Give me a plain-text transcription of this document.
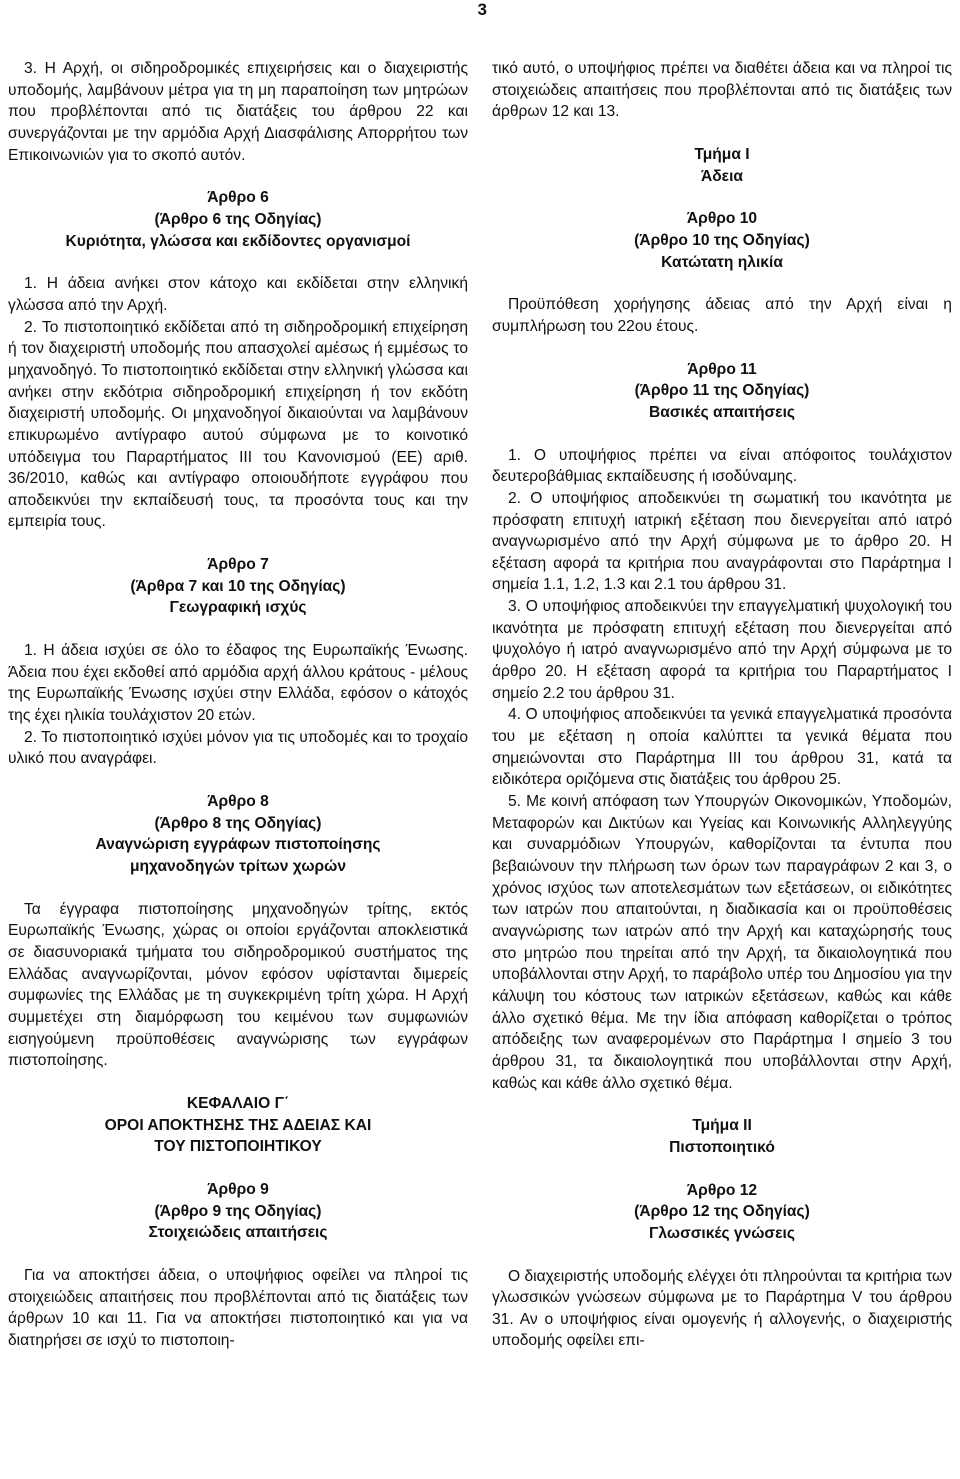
3

3. Η Αρχή, οι σιδηροδρομικές επιχειρήσεις και ο διαχειριστής υποδομής, λαμβάνουν μέτρα για τη μη παραποίηση των μητρώων που προβλέπονται από τις διατάξεις του άρθρου 22 και συνεργάζονται με την αρμόδια Αρχή Διασφάλισης Απορρήτου των Επικοινωνιών για το σκοπό αυτόν.

Άρθρο 6
(Άρθρο 6 της Οδηγίας)
Κυριότητα, γλώσσα και εκδίδοντες οργανισμοί

1. Η άδεια ανήκει στον κάτοχο και εκδίδεται στην ελληνική γλώσσα από την Αρχή.

2. Το πιστοποιητικό εκδίδεται από τη σιδηροδρομική επιχείρηση ή τον διαχειριστή υποδομής που απασχολεί αμέσως ή εμμέσως το μηχανοδηγό. Το πιστοποιητικό εκδίδεται στην ελληνική γλώσσα και ανήκει στην εκδότρια σιδηροδρομική επιχείρηση ή τον εκδότη διαχειριστή υποδομής. Οι μηχανοδηγοί δικαιούνται να λαμβάνουν επικυρωμένο αντίγραφο αυτού σύμφωνα με το κοινοτικό υπόδειγμα του Παραρτήματος ΙΙΙ του Κανονισμού (ΕΕ) αριθ. 36/2010, καθώς και αντίγραφο οποιουδήποτε εγγράφου που αποδεικνύει την εκπαίδευσή τους, τα προσόντα τους και την εμπειρία τους.

Άρθρο 7
(Άρθρα 7 και 10 της Οδηγίας)
Γεωγραφική ισχύς

1. Η άδεια ισχύει σε όλο το έδαφος της Ευρωπαϊκής Ένωσης. Άδεια που έχει εκδοθεί από αρμόδια αρχή άλλου κράτους - μέλους της Ευρωπαϊκής Ένωσης ισχύει στην Ελλάδα, εφόσον ο κάτοχός της έχει ηλικία τουλάχιστον 20 ετών.

2. Το πιστοποιητικό ισχύει μόνον για τις υποδομές και το τροχαίο υλικό που αναγράφει.

Άρθρο 8
(Άρθρο 8 της Οδηγίας)
Αναγνώριση εγγράφων πιστοποίησης
μηχανοδηγών τρίτων χωρών

Τα έγγραφα πιστοποίησης μηχανοδηγών τρίτης, εκτός Ευρωπαϊκής Ένωσης, χώρας οι οποίοι εργάζονται αποκλειστικά σε διασυνοριακά τμήματα του σιδηροδρομικού συστήματος της Ελλάδας αναγνωρίζονται, μόνον εφόσον υφίστανται διμερείς συμφωνίες της Ελλάδας με τη συγκεκριμένη τρίτη χώρα. Η Αρχή συμμετέχει στη διαμόρφωση του κειμένου των συμφωνιών εισηγούμενη προϋποθέσεις αναγνώρισης των εγγράφων πιστοποίησης.

ΚΕΦΑΛΑΙΟ Γ΄
ΟΡΟΙ ΑΠΟΚΤΗΣΗΣ ΤΗΣ ΑΔΕΙΑΣ ΚΑΙ
ΤΟΥ ΠΙΣΤΟΠΟΙΗΤΙΚΟΥ
Άρθρο 9
(Άρθρο 9 της Οδηγίας)
Στοιχειώδεις απαιτήσεις

Για να αποκτήσει άδεια, ο υποψήφιος οφείλει να πληροί τις στοιχειώδεις απαιτήσεις που προβλέπονται από τις διατάξεις των άρθρων 10 και 11. Για να αποκτήσει πιστοποιητικό και για να διατηρήσει σε ισχύ το πιστοποιη-

τικό αυτό, ο υποψήφιος πρέπει να διαθέτει άδεια και να πληροί τις στοιχειώδεις απαιτήσεις που προβλέπονται από τις διατάξεις των άρθρων 12 και 13.

Τμήμα Ι
Άδεια
Άρθρο 10
(Άρθρο 10 της Οδηγίας)
Κατώτατη ηλικία

Προϋπόθεση χορήγησης άδειας από την Αρχή είναι η συμπλήρωση του 22ου έτους.

Άρθρο 11
(Άρθρο 11 της Οδηγίας)
Βασικές απαιτήσεις

1. Ο υποψήφιος πρέπει να είναι απόφοιτος τουλάχιστον δευτεροβάθμιας εκπαίδευσης ή ισοδύναμης.

2. Ο υποψήφιος αποδεικνύει τη σωματική του ικανότητα με πρόσφατη επιτυχή ιατρική εξέταση που διενεργείται από ιατρό αναγνωρισμένο από την Αρχή σύμφωνα με το άρθρο 20. Η εξέταση αφορά τα κριτήρια που αναγράφονται στο Παράρτημα Ι σημεία 1.1, 1.2, 1.3 και 2.1 του άρθρου 31.

3. Ο υποψήφιος αποδεικνύει την επαγγελματική ψυχολογική του ικανότητα με πρόσφατη επιτυχή εξέταση που διενεργείται από ψυχολόγο ή ιατρό αναγνωρισμένο από την Αρχή σύμφωνα με το άρθρο 20. Η εξέταση αφορά τα κριτήρια του Παραρτήματος Ι σημείο 2.2 του άρθρου 31.

4. Ο υποψήφιος αποδεικνύει τα γενικά επαγγελματικά προσόντα του με εξέταση η οποία καλύπτει τα γενικά θέματα που σημειώνονται στο Παράρτημα ΙΙΙ του άρθρου 31, κατά τα ειδικότερα οριζόμενα στις διατάξεις του άρθρου 25.

5. Με κοινή απόφαση των Υπουργών Οικονομικών, Υποδομών, Μεταφορών και Δικτύων και Υγείας και Κοινωνικής Αλληλεγγύης και συναρμόδιων Υπουργών, καθορίζονται τα έντυπα που βεβαιώνουν την πλήρωση των όρων των παραγράφων 2 και 3, ο χρόνος ισχύος των αποτελεσμάτων των εξετάσεων, οι ειδικότητες των ιατρών που απαιτούνται, η διαδικασία και οι προϋποθέσεις αναγνώρισης των ιατρών από την Αρχή και καταχώρησής τους στο μητρώο που τηρείται από την Αρχή, τα δικαιολογητικά που υποβάλλονται στην Αρχή, το παράβολο υπέρ του Δημοσίου για την κάλυψη του κόστους των ιατρικών εξετάσεων, καθώς και κάθε άλλο σχετικό θέμα. Με την ίδια απόφαση καθορίζεται ο τρόπος απόδειξης των αναφερομένων στο Παράρτημα Ι σημείο 3 του άρθρου 31, τα δικαιολογητικά που υποβάλλονται στην Αρχή, καθώς και κάθε άλλο σχετικό θέμα.

Τμήμα ΙΙ
Πιστοποιητικό
Άρθρο 12
(Άρθρο 12 της Οδηγίας)
Γλωσσικές γνώσεις

Ο διαχειριστής υποδομής ελέγχει ότι πληρούνται τα κριτήρια των γλωσσικών γνώσεων σύμφωνα με το Παράρτημα V του άρθρου 31. Αν ο υποψήφιος είναι ομογενής ή αλλογενής, ο διαχειριστής υποδομής οφείλει επι-
